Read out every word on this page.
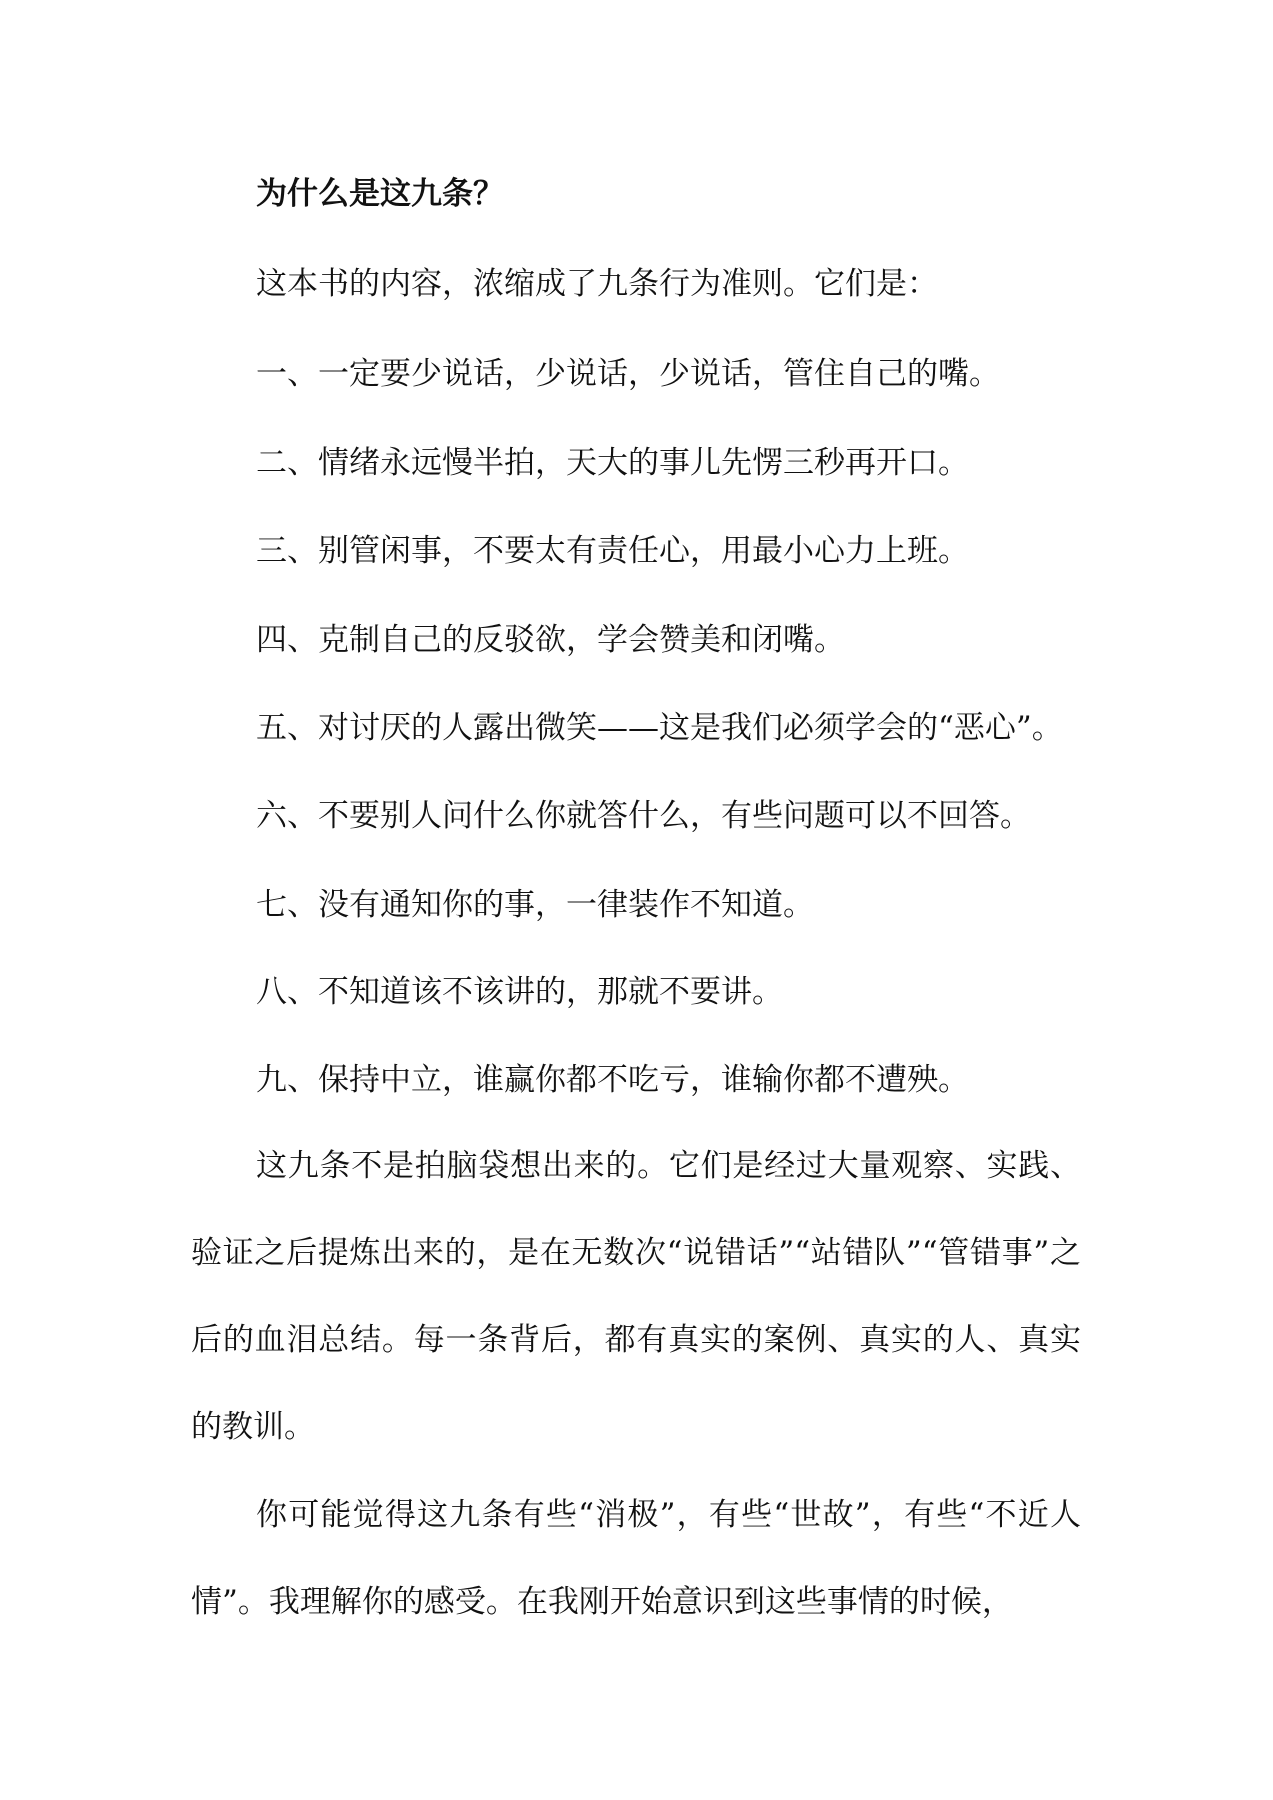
为什么是这九条？
这本书的内容，浓缩成了九条行为准则。它们是：
一、一定要少说话，少说话，少说话，管住自己的嘴。
二、情绪永远慢半拍，天大的事儿先愣三秒再开口。
三、别管闲事，不要太有责任心，用最小心力上班。
四、克制自己的反驳欲，学会赞美和闭嘴。
五、对讨厌的人露出微笑——这是我们必须学会的“恶心”。
六、不要别人问什么你就答什么，有些问题可以不回答。
七、没有通知你的事，一律装作不知道。
八、不知道该不该讲的，那就不要讲。
九、保持中立，谁赢你都不吃亏，谁输你都不遭殃。
这九条不是拍脑袋想出来的。它们是经过大量观察、实践、验证之后提炼出来的，是在无数次“说错话”“站错队”“管错事”之后的血泪总结。每一条背后，都有真实的案例、真实的人、真实的教训。
你可能觉得这九条有些“消极”，有些“世故”，有些“不近人情”。我理解你的感受。在我刚开始意识到这些事情的时候，
